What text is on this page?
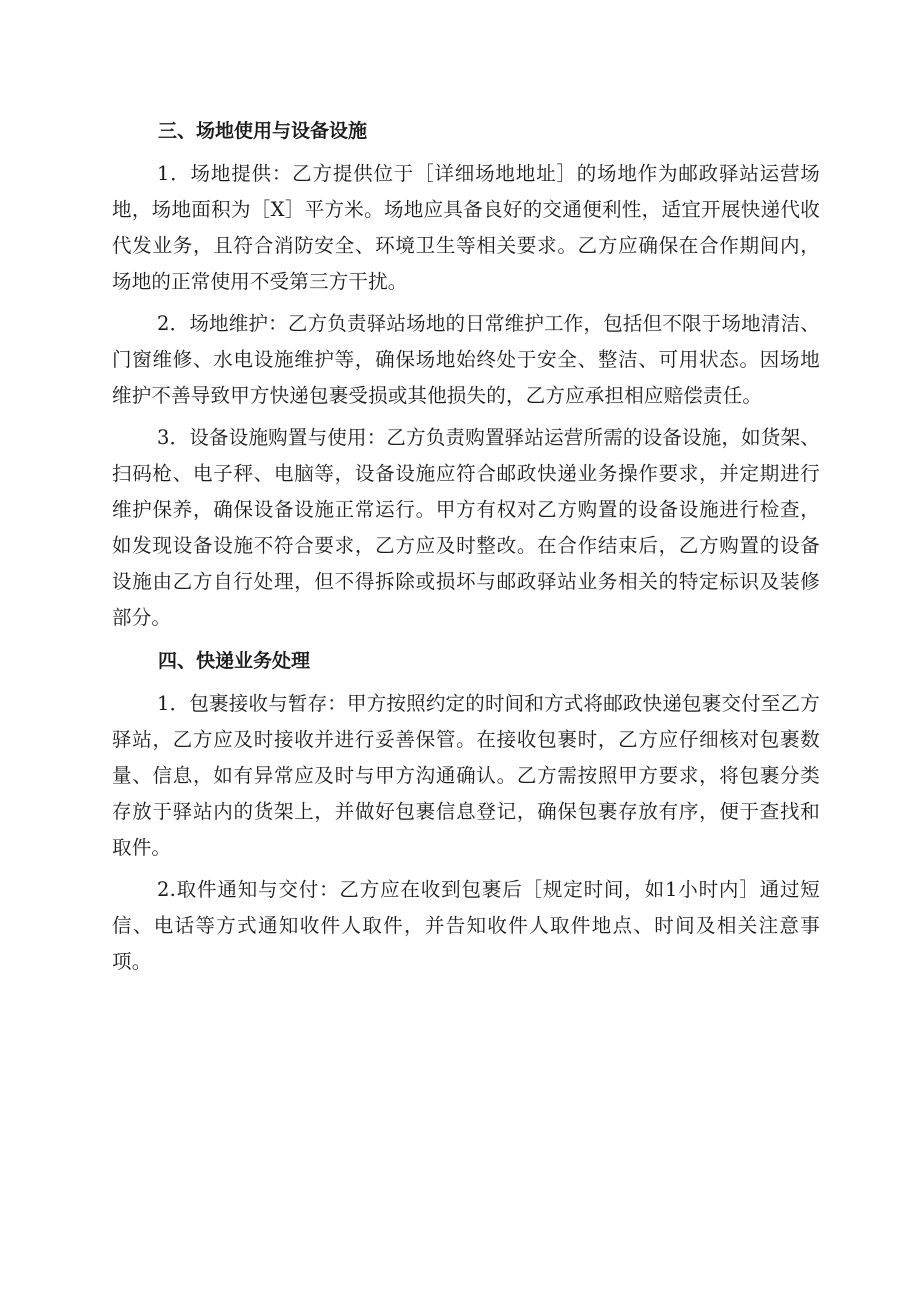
三、场地使用与设备设施

1．场地提供：乙方提供位于［详细场地地址］的场地作为邮政驿站运营场地，场地面积为［X］平方米。场地应具备良好的交通便利性，适宜开展快递代收代发业务，且符合消防安全、环境卫生等相关要求。乙方应确保在合作期间内，场地的正常使用不受第三方干扰。

2．场地维护：乙方负责驿站场地的日常维护工作，包括但不限于场地清洁、门窗维修、水电设施维护等，确保场地始终处于安全、整洁、可用状态。因场地维护不善导致甲方快递包裹受损或其他损失的，乙方应承担相应赔偿责任。

3．设备设施购置与使用：乙方负责购置驿站运营所需的设备设施，如货架、扫码枪、电子秤、电脑等，设备设施应符合邮政快递业务操作要求，并定期进行维护保养，确保设备设施正常运行。甲方有权对乙方购置的设备设施进行检查，如发现设备设施不符合要求，乙方应及时整改。在合作结束后，乙方购置的设备设施由乙方自行处理，但不得拆除或损坏与邮政驿站业务相关的特定标识及装修部分。

四、快递业务处理

1．包裹接收与暂存：甲方按照约定的时间和方式将邮政快递包裹交付至乙方驿站，乙方应及时接收并进行妥善保管。在接收包裹时，乙方应仔细核对包裹数量、信息，如有异常应及时与甲方沟通确认。乙方需按照甲方要求，将包裹分类存放于驿站内的货架上，并做好包裹信息登记，确保包裹存放有序，便于查找和取件。

2.取件通知与交付：乙方应在收到包裹后［规定时间，如1小时内］通过短信、电话等方式通知收件人取件，并告知收件人取件地点、时间及相关注意事项。
